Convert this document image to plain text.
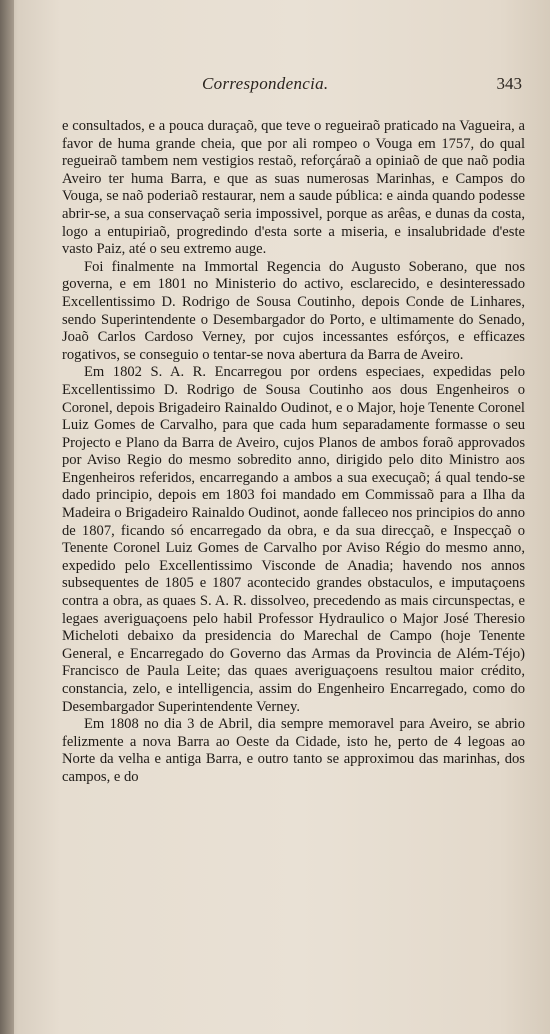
Correspondencia.	343

e consultados, e a pouca duraçaõ, que teve o regueiraõ praticado na Vagueira, a favor de huma grande cheia, que por ali rompeo o Vouga em 1757, do qual regueiraõ tambem nem vestigios restaõ, reforçáraõ a opiniaõ de que naõ podia Aveiro ter huma Barra, e que as suas numerosas Marinhas, e Campos do Vouga, se naõ poderiaõ restaurar, nem a saude pública: e ainda quando podesse abrir-se, a sua conservaçaõ seria impossivel, porque as arêas, e dunas da costa, logo a entupiriaõ, progredindo d'esta sorte a miseria, e insalubridade d'este vasto Paiz, até o seu extremo auge.

Foi finalmente na Immortal Regencia do Augusto Soberano, que nos governa, e em 1801 no Ministerio do activo, esclarecido, e desinteressado Excellentissimo D. Rodrigo de Sousa Coutinho, depois Conde de Linhares, sendo Superintendente o Desembargador do Porto, e ultimamente do Senado, Joaõ Carlos Cardoso Verney, por cujos incessantes esfórços, e efficazes rogativos, se conseguio o tentar-se nova abertura da Barra de Aveiro.

Em 1802 S. A. R. Encarregou por ordens especiaes, expedidas pelo Excellentissimo D. Rodrigo de Sousa Coutinho aos dous Engenheiros o Coronel, depois Brigadeiro Rainaldo Oudinot, e o Major, hoje Tenente Coronel Luiz Gomes de Carvalho, para que cada hum separadamente formasse o seu Projecto e Plano da Barra de Aveiro, cujos Planos de ambos foraõ approvados por Aviso Regio do mesmo sobredito anno, dirigido pelo dito Ministro aos Engenheiros referidos, encarregando a ambos a sua execuçaõ; á qual tendo-se dado principio, depois em 1803 foi mandado em Commissaõ para a Ilha da Madeira o Brigadeiro Rainaldo Oudinot, aonde falleceo nos principios do anno de 1807, ficando só encarregado da obra, e da sua direcçaõ, e Inspecçaõ o Tenente Coronel Luiz Gomes de Carvalho por Aviso Régio do mesmo anno, expedido pelo Excellentissimo Visconde de Anadia; havendo nos annos subsequentes de 1805 e 1807 acontecido grandes obstaculos, e imputaçoens contra a obra, as quaes S. A. R. dissolveo, precedendo as mais circunspectas, e legaes averiguaçoens pelo habil Professor Hydraulico o Major José Theresio Micheloti debaixo da presidencia do Marechal de Campo (hoje Tenente General, e Encarregado do Governo das Armas da Provincia de Além-Téjo) Francisco de Paula Leite; das quaes averiguaçoens resultou maior crédito, constancia, zelo, e intelligencia, assim do Engenheiro Encarregado, como do Desembargador Superintendente Verney.

Em 1808 no dia 3 de Abril, dia sempre memoravel para Aveiro, se abrio felizmente a nova Barra ao Oeste da Cidade, isto he, perto de 4 legoas ao Norte da velha e antiga Barra, e outro tanto se approximou das marinhas, dos campos, e do
